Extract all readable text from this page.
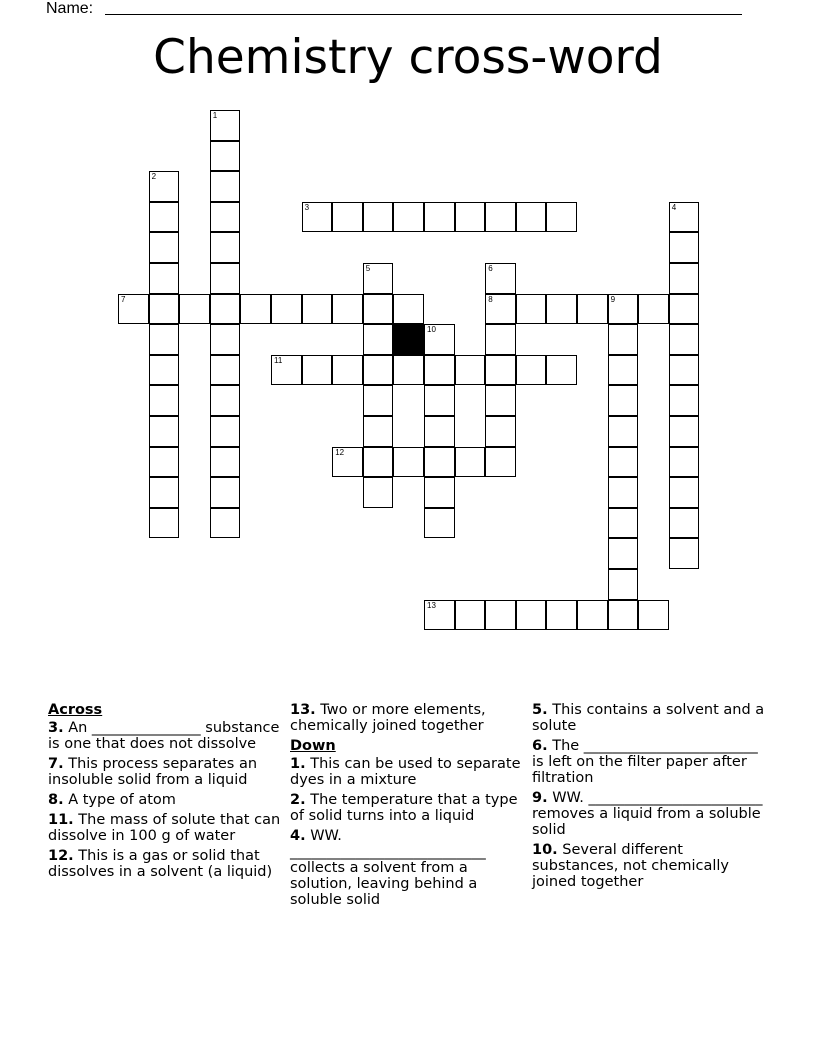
Name:
Chemistry cross-word
3
7	8	9
11
12
13
1
2
4
5	6
10

Across

3. An _______________ substance is one that does not dissolve

7. This process separates an insoluble solid from a liquid

8. A type of atom

11. The mass of solute that can dissolve in 100 g of water

12. This is a gas or solid that dissolves in a solvent (a liquid)

13. Two or more elements, chemically joined together

Down

1. This can be used to separate dyes in a mixture

2. The temperature that a type of solid turns into a liquid

4. WW. ___________________________ collects a solvent from a solution, leaving behind a soluble solid

5. This contains a solvent and a solute

6. The ________________________ is left on the filter paper after filtration

9. WW. ________________________ removes a liquid from a soluble solid

10. Several different substances, not chemically joined together
